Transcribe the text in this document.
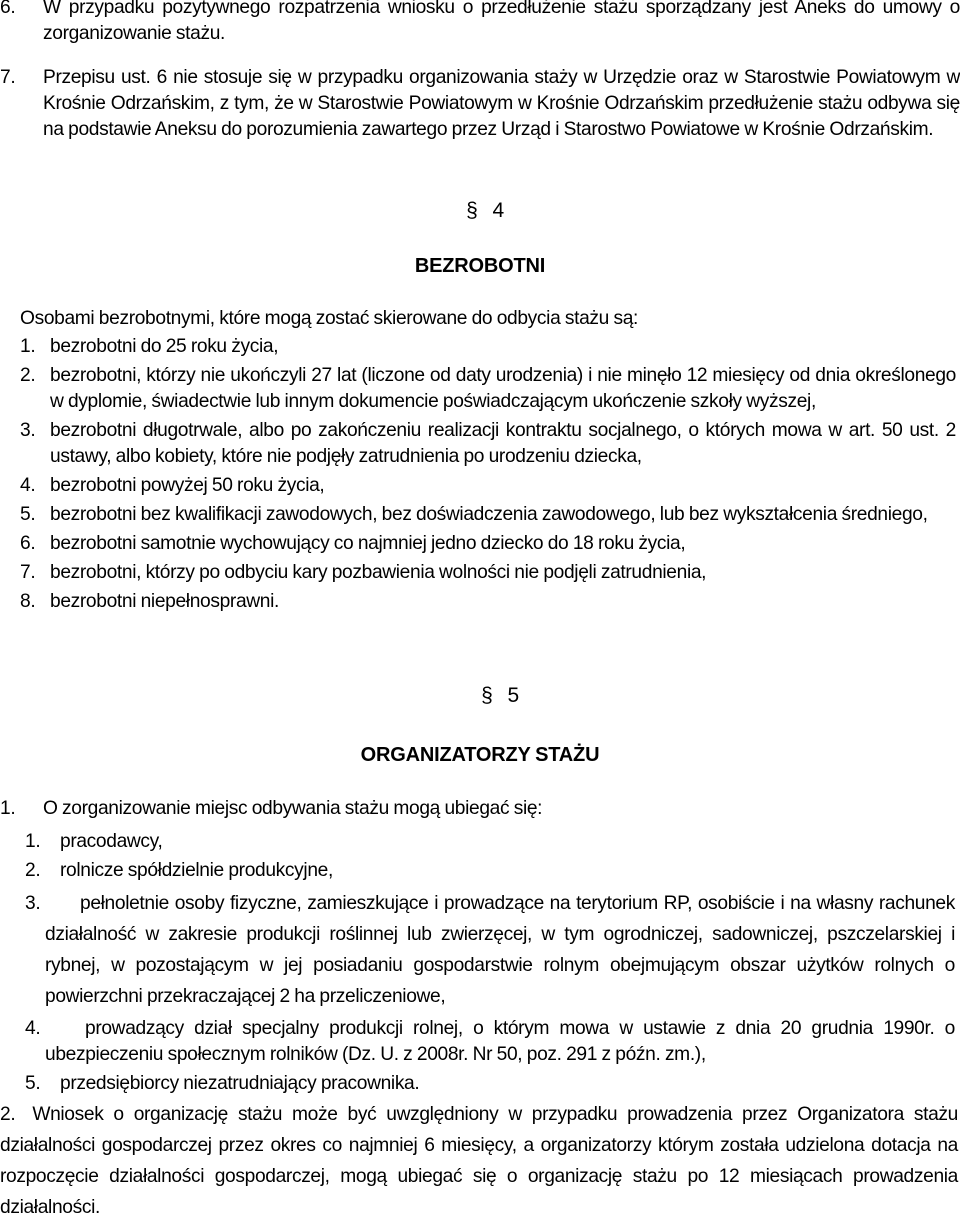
6. W przypadku pozytywnego rozpatrzenia wniosku o przedłużenie stażu sporządzany jest Aneks do umowy o zorganizowanie stażu.
7. Przepisu ust. 6 nie stosuje się w przypadku organizowania staży w Urzędzie oraz w Starostwie Powiatowym w Krośnie Odrzańskim, z tym, że w Starostwie Powiatowym w Krośnie Odrzańskim przedłużenie stażu odbywa się na podstawie Aneksu do porozumienia zawartego przez Urząd i Starostwo Powiatowe w Krośnie Odrzańskim.
§ 4
BEZROBOTNI
Osobami bezrobotnymi, które mogą zostać skierowane do odbycia stażu są:
1. bezrobotni do 25 roku życia,
2. bezrobotni, którzy nie ukończyli 27 lat (liczone od daty urodzenia) i nie minęło 12 miesięcy od dnia określonego w dyplomie, świadectwie lub innym dokumencie poświadczającym ukończenie szkoły wyższej,
3. bezrobotni długotrwale, albo po zakończeniu realizacji kontraktu socjalnego, o których mowa w art. 50 ust. 2 ustawy, albo kobiety, które nie podjęły zatrudnienia po urodzeniu dziecka,
4. bezrobotni powyżej 50 roku życia,
5. bezrobotni bez kwalifikacji zawodowych, bez doświadczenia zawodowego, lub bez wykształcenia średniego,
6. bezrobotni samotnie wychowujący co najmniej jedno dziecko do 18 roku życia,
7. bezrobotni, którzy po odbyciu kary pozbawienia wolności nie podjęli zatrudnienia,
8. bezrobotni niepełnosprawni.
§ 5
ORGANIZATORZY STAŻU
1. O zorganizowanie miejsc odbywania stażu mogą ubiegać się:
1. pracodawcy,
2. rolnicze spółdzielnie produkcyjne,
3.	pełnoletnie osoby fizyczne, zamieszkujące i prowadzące na terytorium RP, osobiście i na własny rachunek działalność w zakresie produkcji roślinnej lub zwierzęcej, w tym ogrodniczej, sadowniczej, pszczelarskiej i rybnej, w pozostającym w jej posiadaniu gospodarstwie rolnym obejmującym obszar użytków rolnych o powierzchni przekraczającej 2 ha przeliczeniowe,
4.	prowadzący dział specjalny produkcji rolnej, o którym mowa w ustawie z dnia 20 grudnia 1990r. o ubezpieczeniu społecznym rolników (Dz. U. z 2008r. Nr 50, poz. 291 z późn. zm.),
5. przedsiębiorcy niezatrudniający pracownika.
2. Wniosek o organizację stażu może być uwzględniony w przypadku prowadzenia przez Organizatora stażu działalności gospodarczej przez okres co najmniej 6 miesięcy, a organizatorzy którym została udzielona dotacja na rozpoczęcie działalności gospodarczej, mogą ubiegać się o organizację stażu po 12 miesiącach prowadzenia działalności.
